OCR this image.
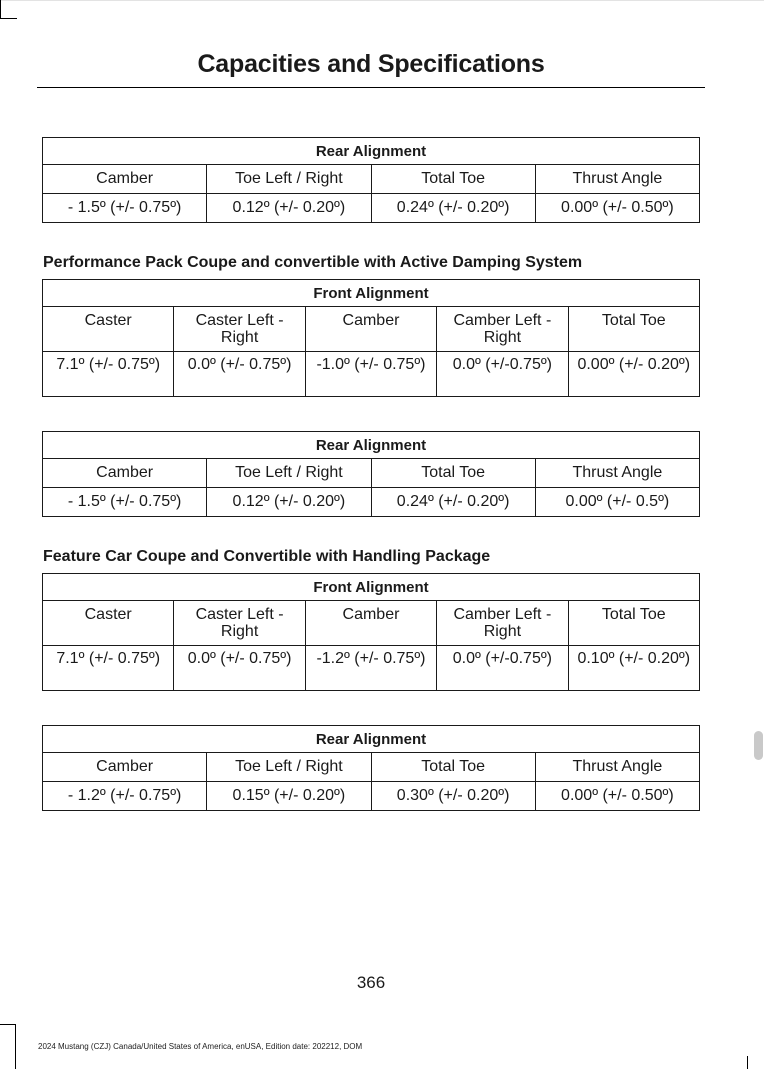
Capacities and Specifications
Rear Alignment			
Camber	Toe Left / Right	Total Toe	Thrust Angle
- 1.5º (+/- 0.75º)	0.12º (+/- 0.20º)	0.24º (+/- 0.20º)	0.00º (+/- 0.50º)
Performance Pack Coupe and convertible with Active Damping System
Front Alignment				
Caster	Caster Left - Right	Camber	Camber Left - Right	Total Toe
7.1º (+/- 0.75º)	0.0º (+/- 0.75º)	-1.0º (+/- 0.75º)	0.0º (+/-0.75º)	0.00º (+/- 0.20º)
Rear Alignment			
Camber	Toe Left / Right	Total Toe	Thrust Angle
- 1.5º (+/- 0.75º)	0.12º (+/- 0.20º)	0.24º (+/- 0.20º)	0.00º (+/- 0.5º)
Feature Car Coupe and Convertible with Handling Package
Front Alignment				
Caster	Caster Left - Right	Camber	Camber Left - Right	Total Toe
7.1º (+/- 0.75º)	0.0º (+/- 0.75º)	-1.2º (+/- 0.75º)	0.0º (+/-0.75º)	0.10º (+/- 0.20º)
Rear Alignment			
Camber	Toe Left / Right	Total Toe	Thrust Angle
- 1.2º (+/- 0.75º)	0.15º (+/- 0.20º)	0.30º (+/- 0.20º)	0.00º (+/- 0.50º)
366
2024 Mustang (CZJ) Canada/United States of America, enUSA, Edition date: 202212, DOM
